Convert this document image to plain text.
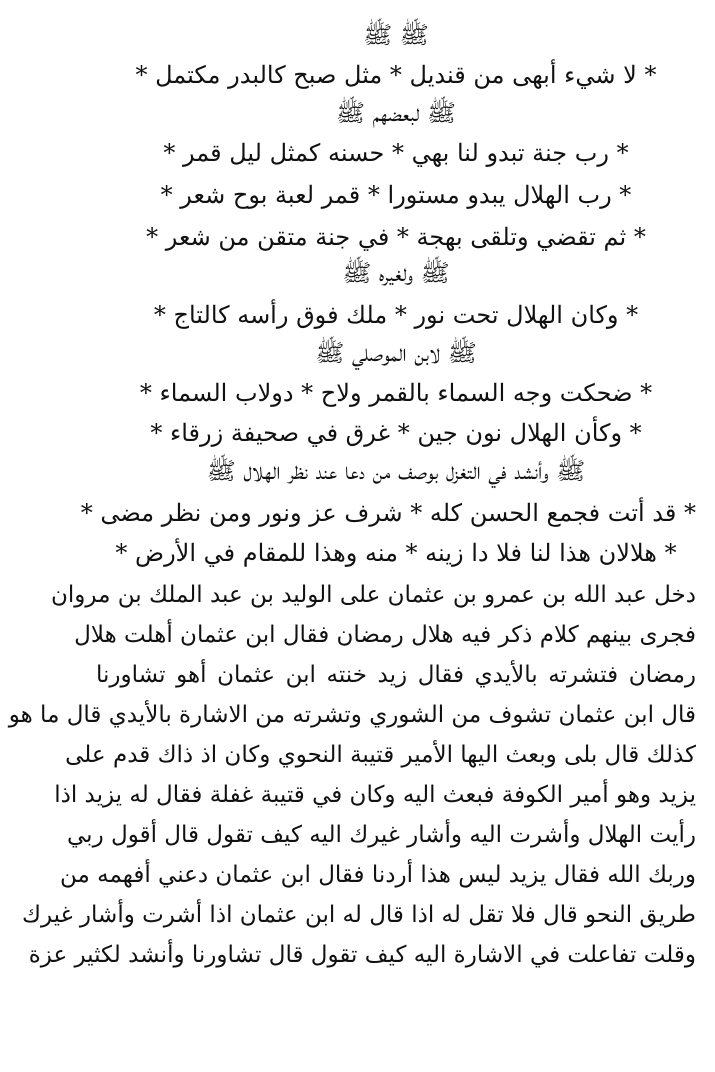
ﷺ ﷺ
* لا شيء أبهى من قنديل * مثل صبح كالبدر مكتمل *
ﷺ لبعضهم ﷺ
* رب جنة تبدو لنا بهي * حسنه كمثل ليل قمر *
* رب الهلال يبدو مستورا * قمر لعبة بوح شعر *
* ثم تقضي وتلقى بهجة * في جنة متقن من شعر *
ﷺ ولغيره ﷺ
* وكان الهلال تحت نور * ملك فوق رأسه كالتاج *
ﷺ لابن الموصلي ﷺ
* ضحكت وجه السماء بالقمر ولاح * دولاب السماء *
* وكأن الهلال نون جين * غرق في صحيفة زرقاء *
ﷺ وأنشد في التغزل بوصف من دعا عند نظر الهلال ﷺ
* قد أتت فجمع الحسن كله * شرف عز ونور ومن نظر مضى *
* هلالان هذا لنا فلا دا زينه * منه وهذا للمقام في الأرض *
دخل عبد الله بن عمرو بن عثمان على الوليد بن عبد الملك بن مروان
فجرى بينهم كلام ذكر فيه هلال رمضان فقال ابن عثمان أهلت هلال
رمضان فتشرته بالأيدي فقال زيد خنته ابن عثمان أهو تشاورنا
قال ابن عثمان تشوف من الشوري وتشرته من الاشارة بالأيدي قال ما هو
كذلك قال بلى وبعث اليها الأمير قتيبة النحوي وكان اذ ذاك قدم على
يزيد وهو أمير الكوفة فبعث اليه وكان في قتيبة غفلة فقال له يزيد اذا
رأيت الهلال وأشرت اليه وأشار غيرك اليه كيف تقول قال أقول ربي
وربك الله فقال يزيد ليس هذا أردنا فقال ابن عثمان دعني أفهمه من
طريق النحو قال فلا تقل له اذا قال له ابن عثمان اذا أشرت وأشار غيرك
وقلت تفاعلت في الاشارة اليه كيف تقول قال تشاورنا وأنشد لكثير عزة
